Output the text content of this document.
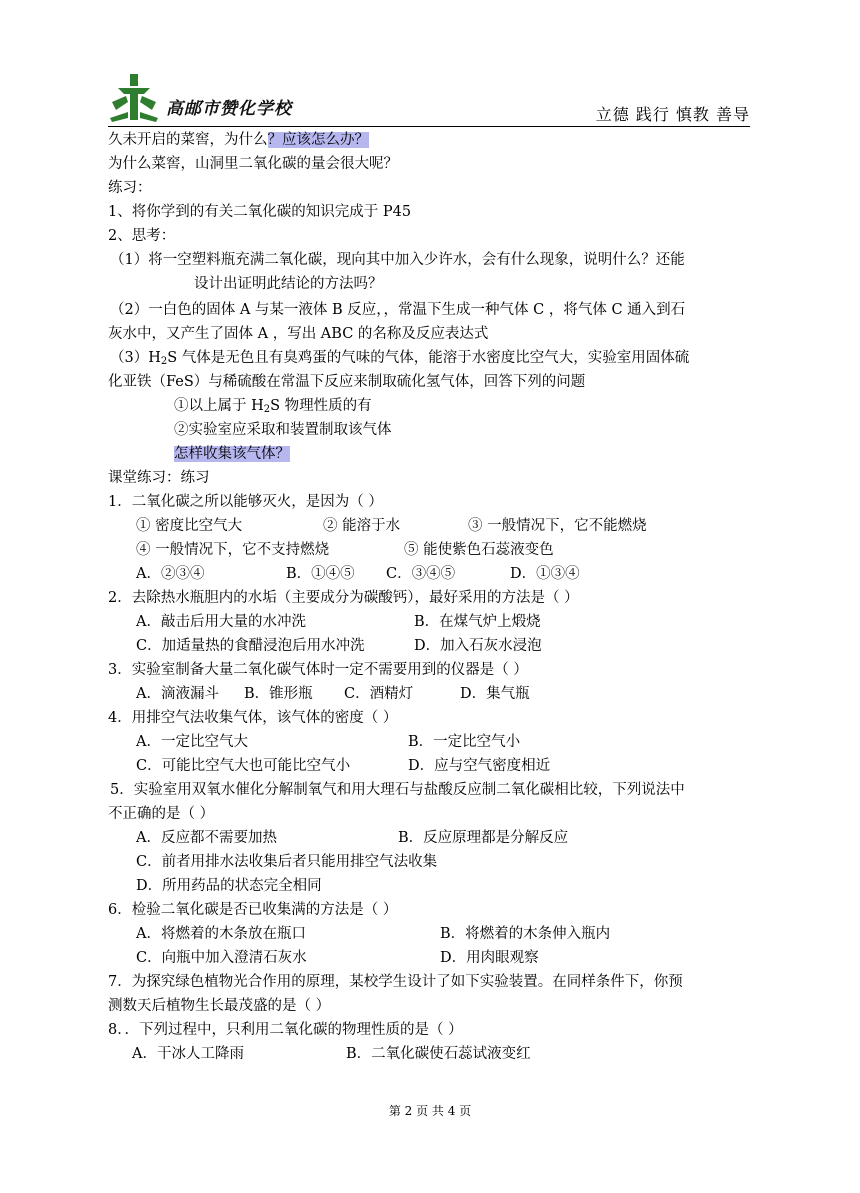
高邮市赞化学校	立德 践行 慎教 善导
久未开启的菜窖，为什么？应该怎么办？
为什么菜窖，山洞里二氧化碳的量会很大呢？
练习：
1、将你学到的有关二氧化碳的知识完成于 P45
2、思考：
（1）将一空塑料瓶充满二氧化碳，现向其中加入少许水，会有什么现象，说明什么？还能
设计出证明此结论的方法吗？
（2）一白色的固体 A 与某一液体 B 反应，，常温下生成一种气体 C ，将气体 C 通入到石
灰水中，又产生了固体 A ，写出 ABC 的名称及反应表达式
$(3)H_2S$ 气体是无色且有臭鸡蛋的气味的气体，能溶于水密度比空气大，实验室用固体硫
化亚铁（FeS）与稀硫酸在常温下反应来制取硫化氢气体，回答下列的问题
①以上属于 $H_2S$ 物理性质的有
②实验室应采取和装置制取该气体
怎样收集该气体？
课堂练习：练习
1．二氧化碳之所以能够灭火，是因为（ ）
① 密度比空气大	② 能溶于水	③ 一般情况下，它不能燃烧
④ 一般情况下，它不支持燃烧	⑤ 能使紫色石蕊液变色
A．②③④	B．①④⑤ C．③④⑤	D．①③④
2．去除热水瓶胆内的水垢（主要成分为碳酸钙），最好采用的方法是（ ）
A．敲击后用大量的水冲洗	B．在煤气炉上煅烧
C．加适量热的食醋浸泡后用水冲洗	D．加入石灰水浸泡
3．实验室制备大量二氧化碳气体时一定不需要用到的仪器是（ ）
A．滴液漏斗 B．锥形瓶 C．酒精灯	D．集气瓶
4．用排空气法收集气体，该气体的密度（ ）
A．一定比空气大	B．一定比空气小
C．可能比空气大也可能比空气小	D．应与空气密度相近
5．实验室用双氧水催化分解制氧气和用大理石与盐酸反应制二氧化碳相比较，下列说法中
不正确的是（ ）
A．反应都不需要加热	B．反应原理都是分解反应
C．前者用排水法收集后者只能用排空气法收集
D．所用药品的状态完全相同
6．检验二氧化碳是否已收集满的方法是（ ）
A．将燃着的木条放在瓶口	B．将燃着的木条伸入瓶内
C．向瓶中加入澄清石灰水	D．用肉眼观察
7．为探究绿色植物光合作用的原理，某校学生设计了如下实验装置。在同样条件下，你预
测数天后植物生长最茂盛的是（ ）
8．．下列过程中，只利用二氧化碳的物理性质的是（ ）
A．干冰人工降雨	B．二氧化碳使石蕊试液变红
第 2 页 共 4 页
